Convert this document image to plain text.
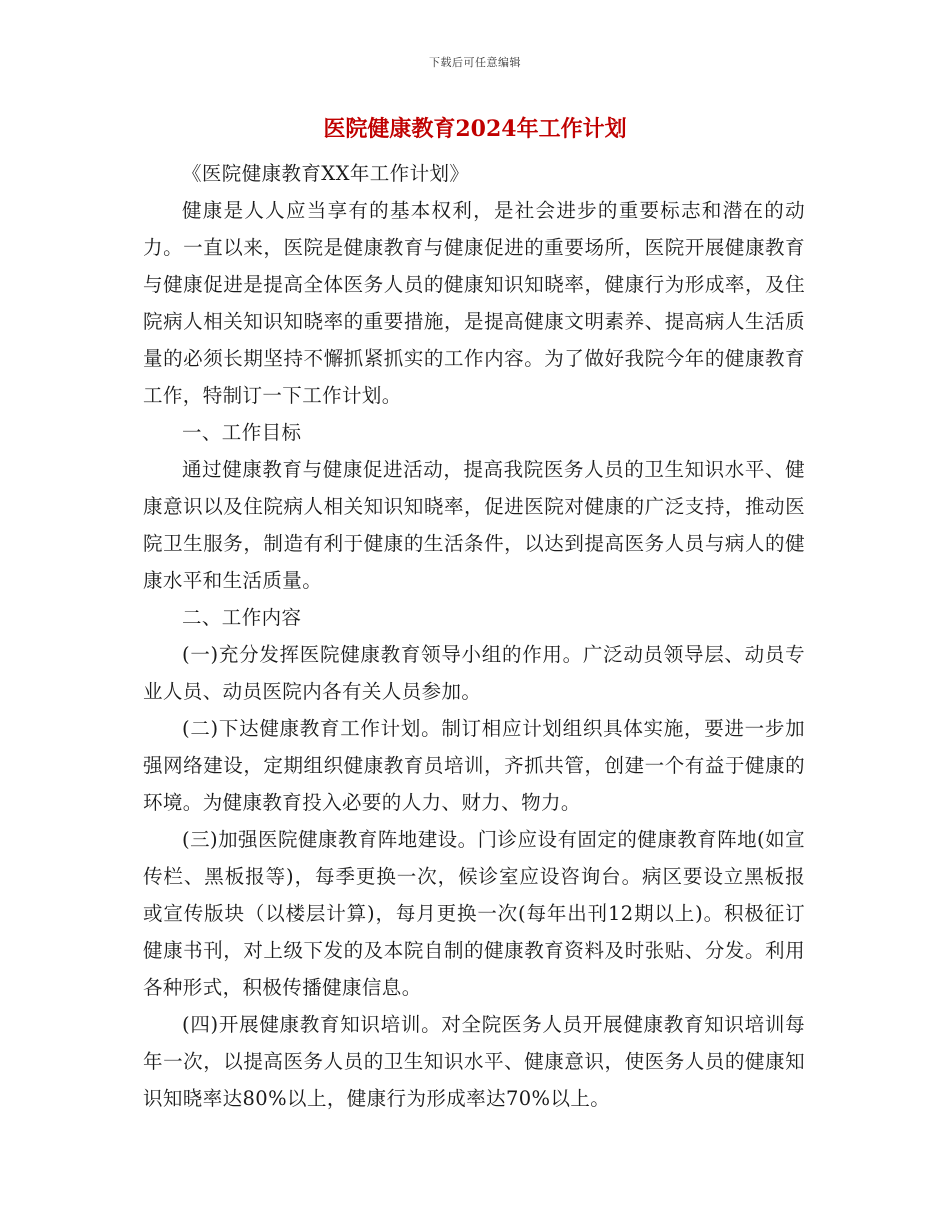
下载后可任意编辑
医院健康教育2024年工作计划

《医院健康教育XX年工作计划》

健康是人人应当享有的基本权利，是社会进步的重要标志和潜在的动力。一直以来，医院是健康教育与健康促进的重要场所，医院开展健康教育与健康促进是提高全体医务人员的健康知识知晓率，健康行为形成率，及住院病人相关知识知晓率的重要措施，是提高健康文明素养、提高病人生活质量的必须长期坚持不懈抓紧抓实的工作内容。为了做好我院今年的健康教育工作，特制订一下工作计划。

一、工作目标

通过健康教育与健康促进活动，提高我院医务人员的卫生知识水平、健康意识以及住院病人相关知识知晓率，促进医院对健康的广泛支持，推动医院卫生服务，制造有利于健康的生活条件，以达到提高医务人员与病人的健康水平和生活质量。

二、工作内容

(一)充分发挥医院健康教育领导小组的作用。广泛动员领导层、动员专业人员、动员医院内各有关人员参加。

(二)下达健康教育工作计划。制订相应计划组织具体实施，要进一步加强网络建设，定期组织健康教育员培训，齐抓共管，创建一个有益于健康的环境。为健康教育投入必要的人力、财力、物力。

(三)加强医院健康教育阵地建设。门诊应设有固定的健康教育阵地(如宣传栏、黑板报等)，每季更换一次，候诊室应设咨询台。病区要设立黑板报或宣传版块（以楼层计算)，每月更换一次(每年出刊12期以上)。积极征订健康书刊，对上级下发的及本院自制的健康教育资料及时张贴、分发。利用各种形式，积极传播健康信息。

(四)开展健康教育知识培训。对全院医务人员开展健康教育知识培训每年一次，以提高医务人员的卫生知识水平、健康意识，使医务人员的健康知识知晓率达80%以上，健康行为形成率达70%以上。
